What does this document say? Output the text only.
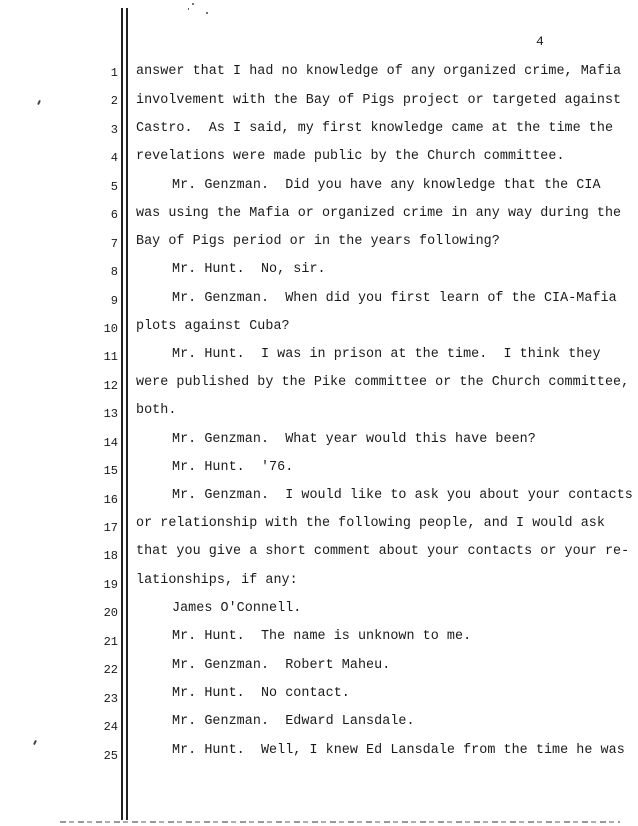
4
1 answer that I had no knowledge of any organized crime, Mafia
2 involvement with the Bay of Pigs project or targeted against
3 Castro.  As I said, my first knowledge came at the time the
4 revelations were made public by the Church committee.
5	Mr. Genzman.  Did you have any knowledge that the CIA
6 was using the Mafia or organized crime in any way during the
7 Bay of Pigs period or in the years following?
8	Mr. Hunt.  No, sir.
9	Mr. Genzman.  When did you first learn of the CIA-Mafia
10 plots against Cuba?
11	Mr. Hunt.  I was in prison at the time.  I think they
12 were published by the Pike committee or the Church committee,
13 both.
14	Mr. Genzman.  What year would this have been?
15	Mr. Hunt.  '76.
16	Mr. Genzman.  I would like to ask you about your contacts
17 or relationship with the following people, and I would ask
18 that you give a short comment about your contacts or your re-
19 lationships, if any:
20	James O'Connell.
21	Mr. Hunt.  The name is unknown to me.
22	Mr. Genzman.  Robert Maheu.
23	Mr. Hunt.  No contact.
24	Mr. Genzman.  Edward Lansdale.
25	Mr. Hunt.  Well, I knew Ed Lansdale from the time he was
